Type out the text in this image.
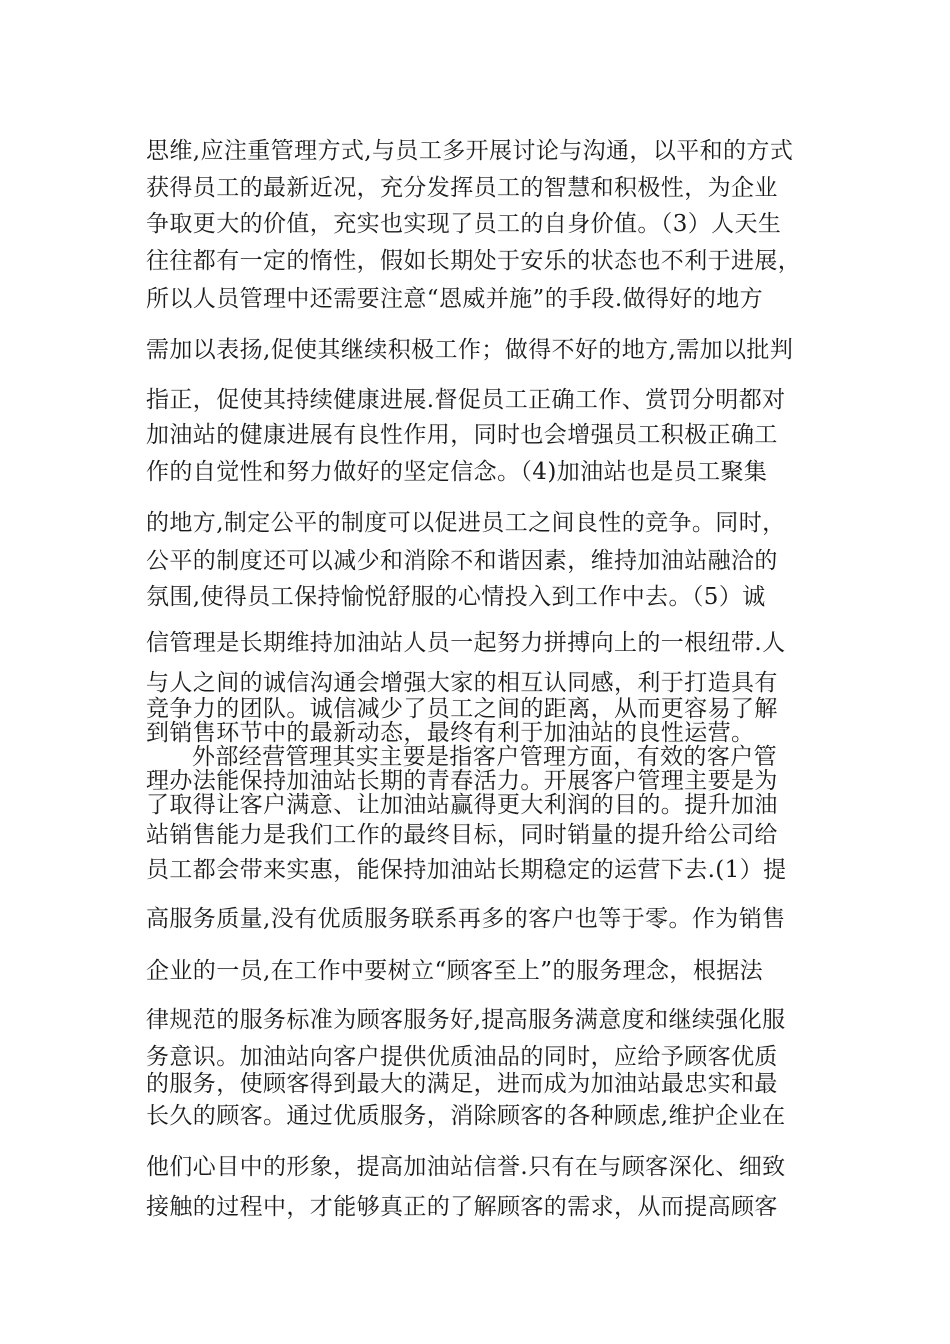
思维,应注重管理方式,与员工多开展讨论与沟通，以平和的方式
获得员工的最新近况，充分发挥员工的智慧和积极性，为企业
争取更大的价值，充实也实现了员工的自身价值。（3）人天生
往往都有一定的惰性，假如长期处于安乐的状态也不利于进展，
所以人员管理中还需要注意“恩威并施”的手段.做得好的地方
需加以表扬,促使其继续积极工作；做得不好的地方,需加以批判
指正，促使其持续健康进展.督促员工正确工作、赏罚分明都对
加油站的健康进展有良性作用，同时也会增强员工积极正确工
作的自觉性和努力做好的坚定信念。（4)加油站也是员工聚集
的地方,制定公平的制度可以促进员工之间良性的竞争。同时，
公平的制度还可以减少和消除不和谐因素，维持加油站融洽的
氛围,使得员工保持愉悦舒服的心情投入到工作中去。（5）诚
信管理是长期维持加油站人员一起努力拼搏向上的一根纽带.人
与人之间的诚信沟通会增强大家的相互认同感，利于打造具有
竞争力的团队。诚信减少了员工之间的距离，从而更容易了解
到销售环节中的最新动态，最终有利于加油站的良性运营。
外部经营管理其实主要是指客户管理方面，有效的客户管
理办法能保持加油站长期的青春活力。开展客户管理主要是为
了取得让客户满意、让加油站赢得更大利润的目的。提升加油
站销售能力是我们工作的最终目标，同时销量的提升给公司给
员工都会带来实惠，能保持加油站长期稳定的运营下去.(1）提
高服务质量,没有优质服务联系再多的客户也等于零。作为销售
企业的一员,在工作中要树立“顾客至上”的服务理念，根据法
律规范的服务标准为顾客服务好,提高服务满意度和继续强化服
务意识。加油站向客户提供优质油品的同时，应给予顾客优质
的服务，使顾客得到最大的满足，进而成为加油站最忠实和最
长久的顾客。通过优质服务，消除顾客的各种顾虑,维护企业在
他们心目中的形象，提高加油站信誉.只有在与顾客深化、细致
接触的过程中，才能够真正的了解顾客的需求，从而提高顾客
